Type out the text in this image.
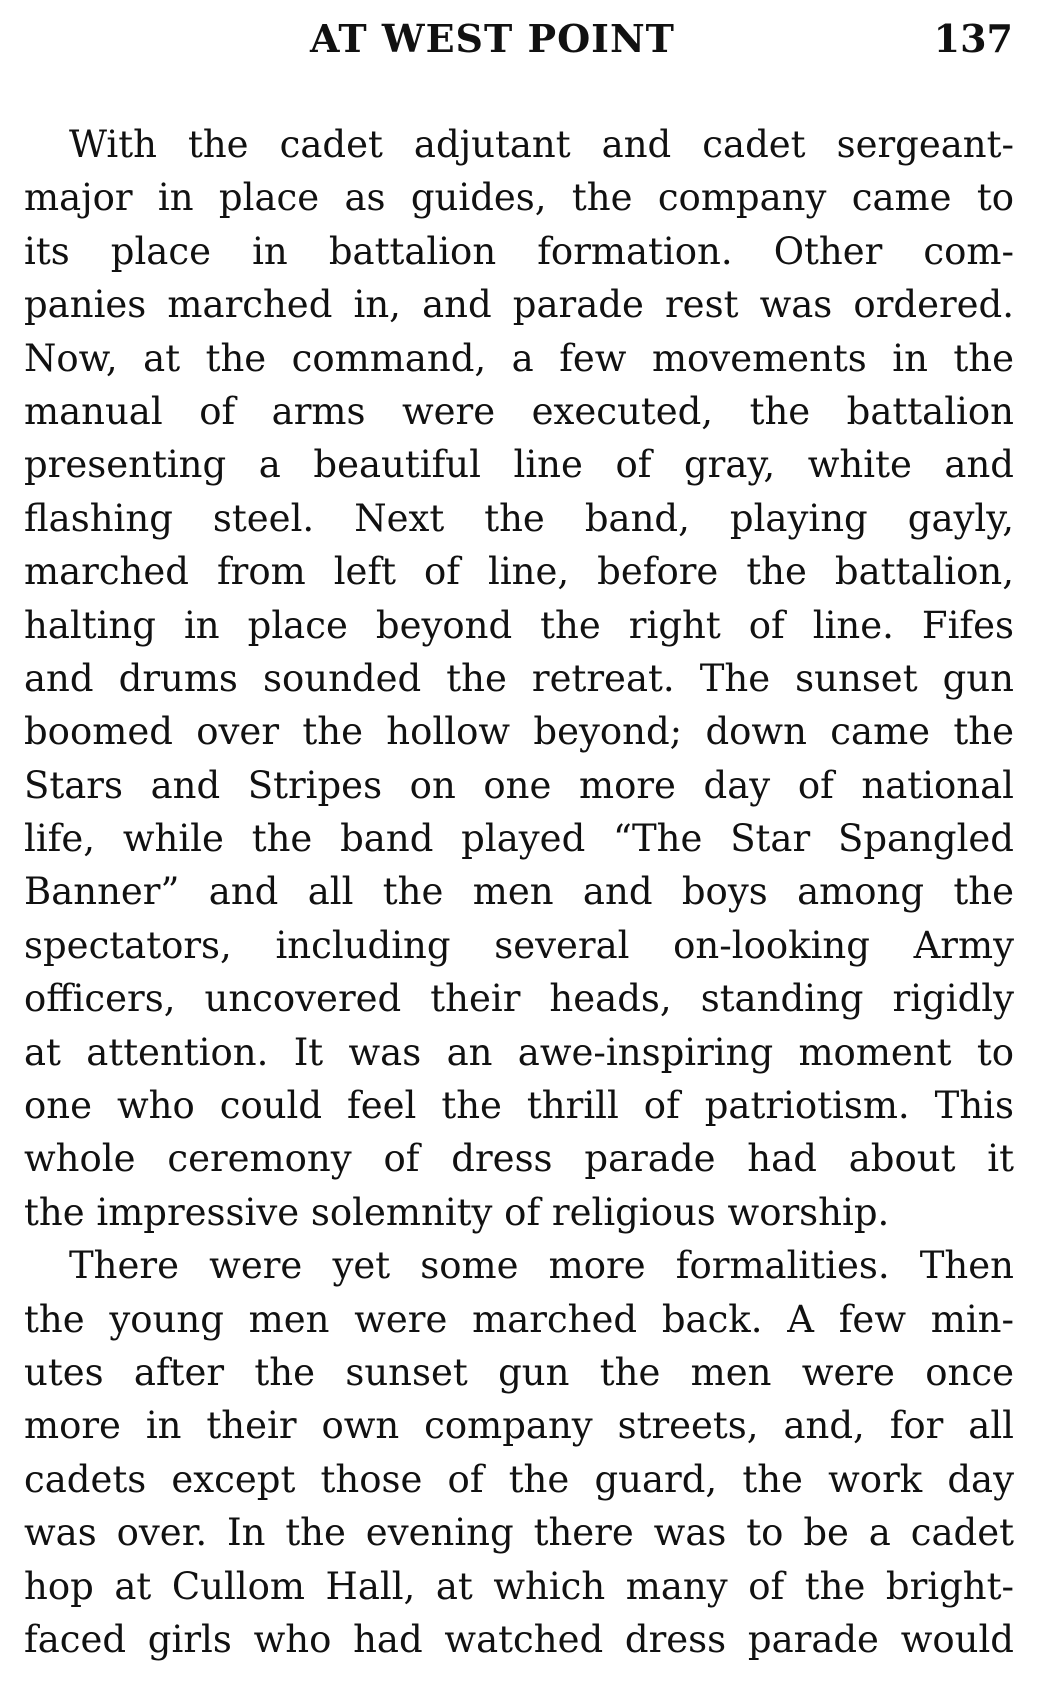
AT WEST POINT	137
With the cadet adjutant and cadet sergeant-
major in place as guides, the company came to
its place in battalion formation. Other com-
panies marched in, and parade rest was ordered.
Now, at the command, a few movements in the
manual of arms were executed, the battalion
presenting a beautiful line of gray, white and
flashing steel. Next the band, playing gayly,
marched from left of line, before the battalion,
halting in place beyond the right of line. Fifes
and drums sounded the retreat. The sunset gun
boomed over the hollow beyond; down came the
Stars and Stripes on one more day of national
life, while the band played “The Star Spangled
Banner” and all the men and boys among the
spectators, including several on-looking Army
officers, uncovered their heads, standing rigidly
at attention. It was an awe-inspiring moment to
one who could feel the thrill of patriotism. This
whole ceremony of dress parade had about it
the impressive solemnity of religious worship.
There were yet some more formalities. Then
the young men were marched back. A few min-
utes after the sunset gun the men were once
more in their own company streets, and, for all
cadets except those of the guard, the work day
was over. In the evening there was to be a cadet
hop at Cullom Hall, at which many of the bright-
faced girls who had watched dress parade would
